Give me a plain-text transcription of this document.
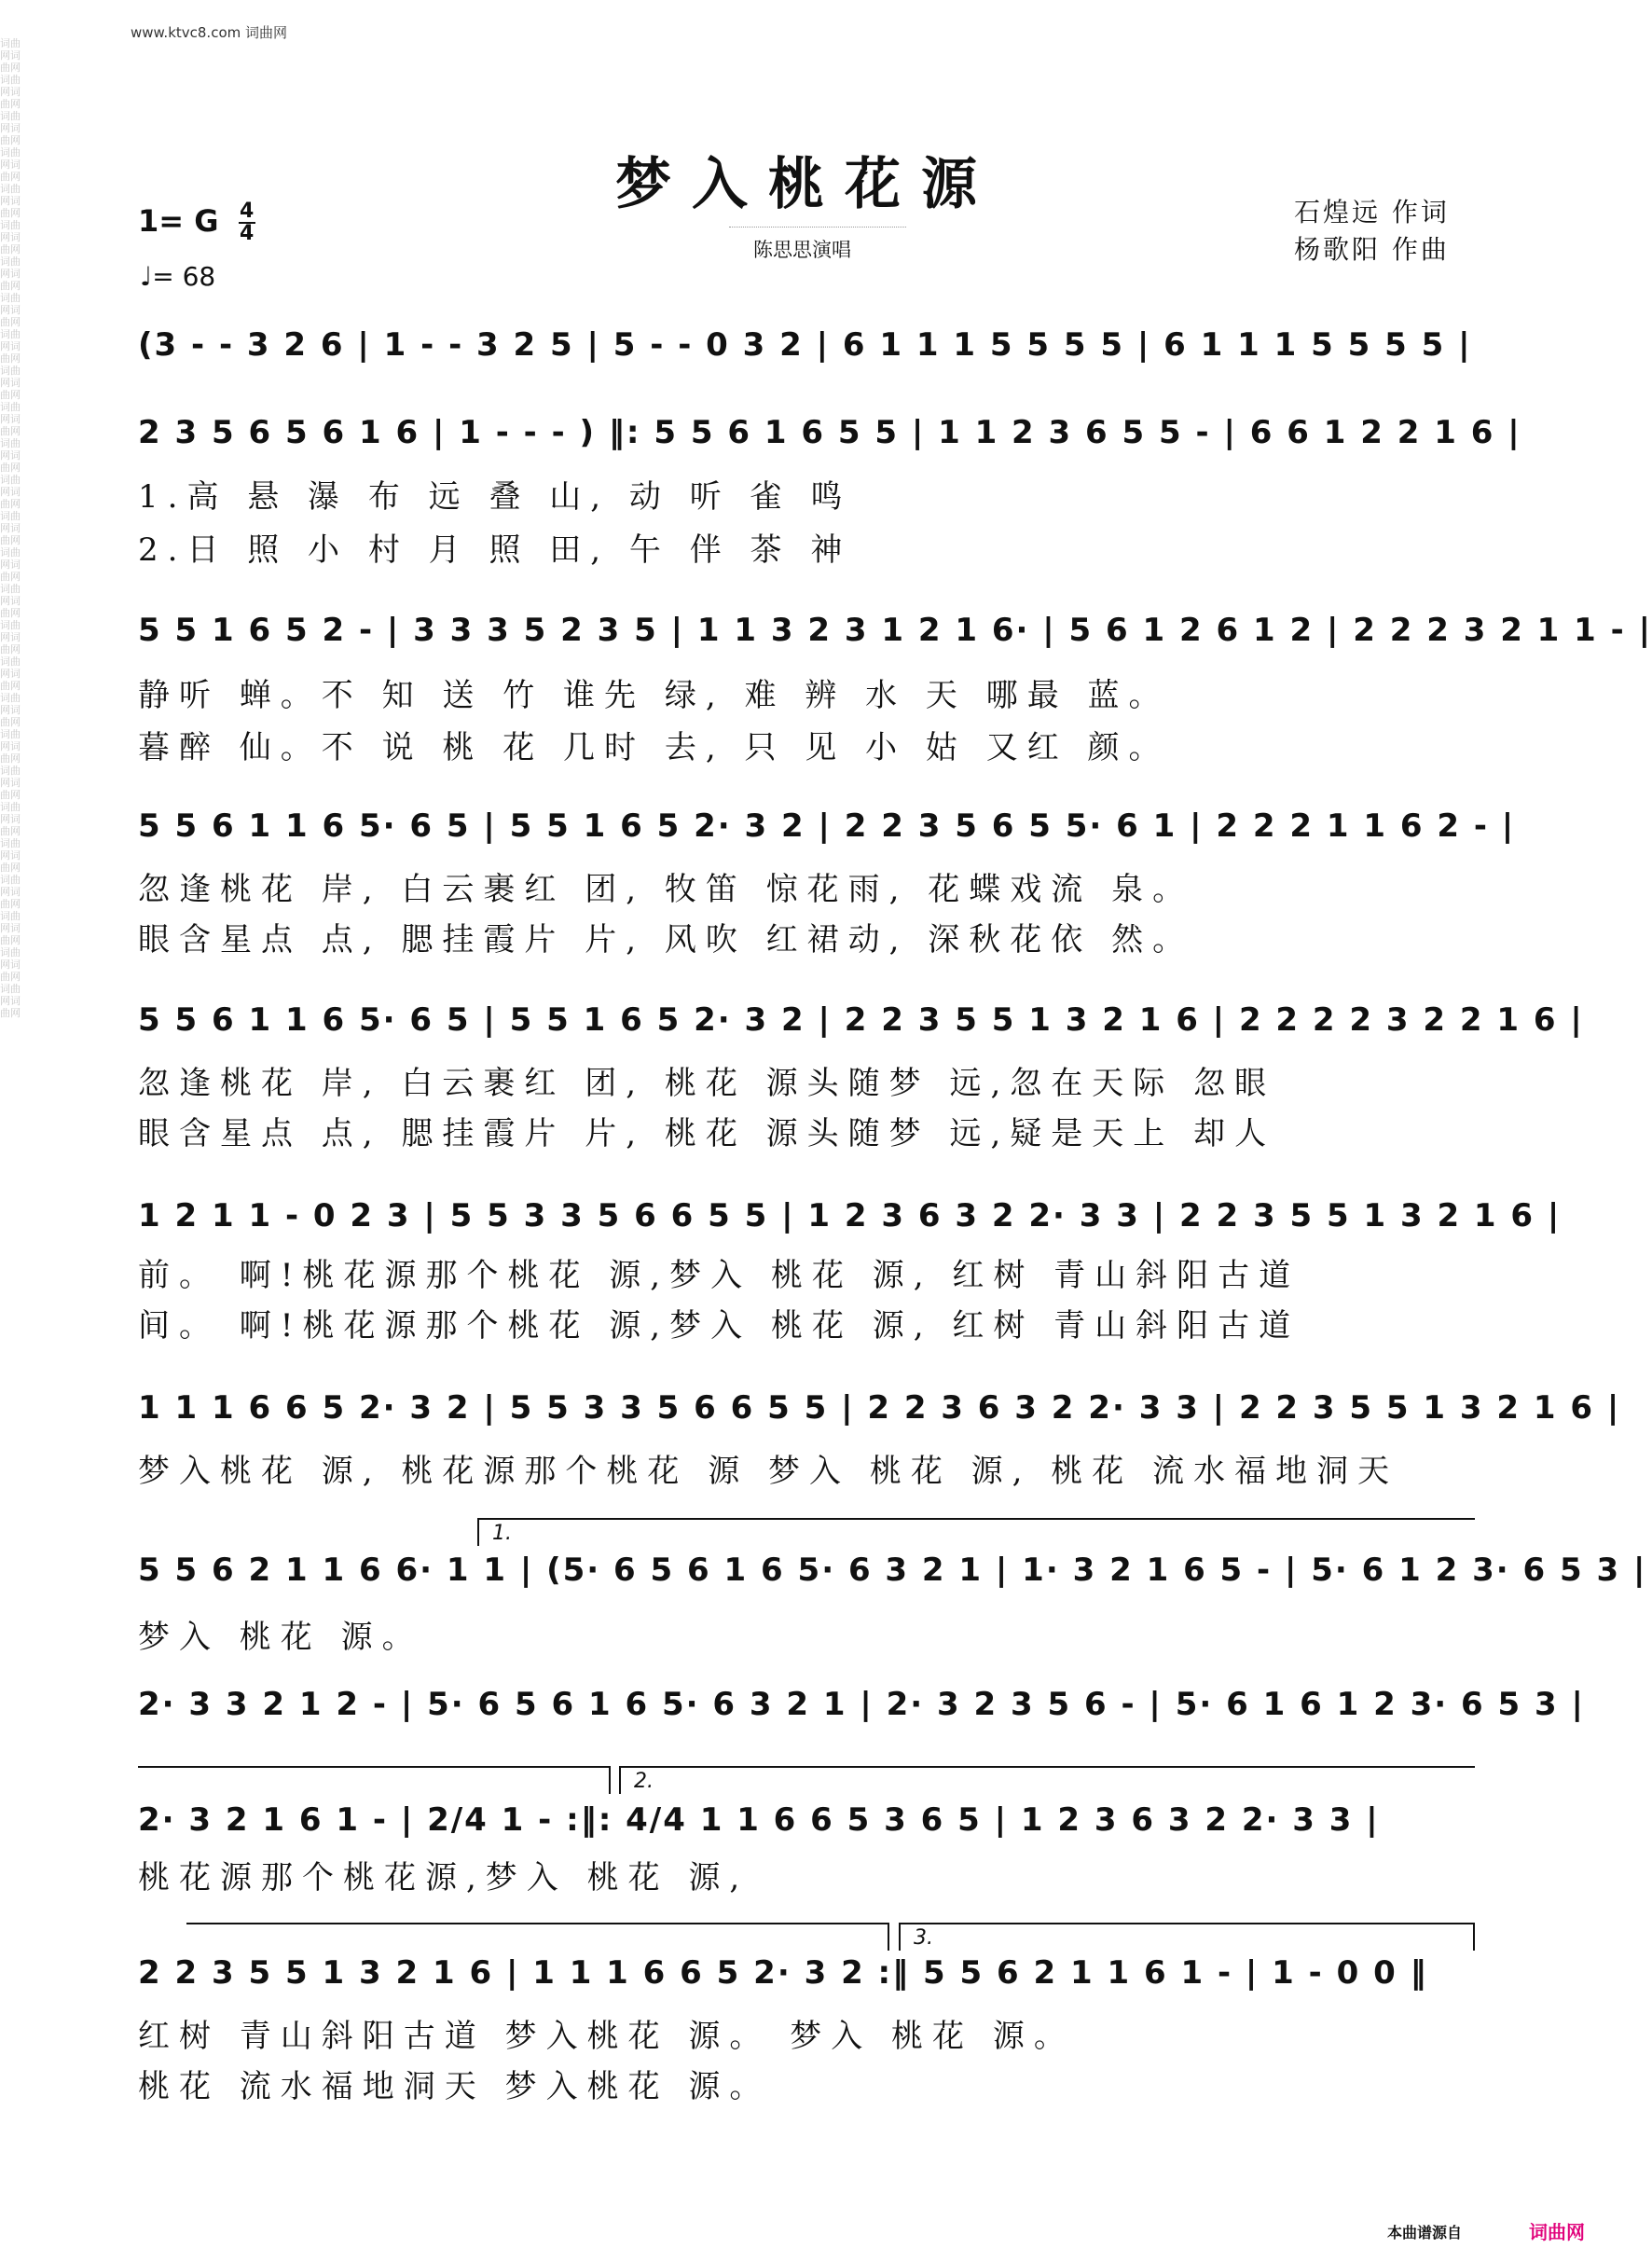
www.ktvc8.com 词曲网
词曲网词曲网词曲网词曲网词曲网词曲网词曲网词曲网词曲网词曲网词曲网词曲网词曲网词曲网词曲网词曲网词曲网词曲网词曲网词曲网词曲网词曲网词曲网词曲网词曲网词曲网词曲网词曲网词曲网词曲网词曲网词曲网词曲网词曲网词曲网词曲网词曲网词曲网词曲网词曲网词曲网词曲网词曲网词曲网词曲网词曲网词曲网词曲网词曲网词曲网词曲网词曲网词曲网词曲网
梦入桃花源
陈思思演唱
石煌远 作词
杨歌阳 作曲
1= G $\frac{4}{4}$
♩= 68
(3 - - 3 2 6 | 1 - - 3 2 5 | 5 - - 0 3 2 | 6 1 1 1 5 5 5 5 | 6 1 1 1 5 5 5 5 |
2 3 5 6 5 6 1 6 | 1 - - - ) ‖: 5 5 6 1 6 5 5 | 1 1 2 3 6 5 5 - | 6 6 1 2 2 1 6 |
1.高 悬 瀑 布 远 叠 山, 动 听 雀 鸣
2.日 照 小 村 月 照 田, 午 伴 茶 神
5 5 1 6 5 2 - | 3 3 3 5 2 3 5 | 1 1 3 2 3 1 2 1 6· | 5 6 1 2 6 1 2 | 2 2 2 3 2 1 1 - |
静听 蝉。不 知 送 竹 谁先 绿, 难 辨 水 天 哪最 蓝。
暮醉 仙。不 说 桃 花 几时 去, 只 见 小 姑 又红 颜。
5 5 6 1 1 6 5· 6 5 | 5 5 1 6 5 2· 3 2 | 2 2 3 5 6 5 5· 6 1 | 2 2 2 1 1 6 2 - |
忽逢桃花 岸, 白云裹红 团, 牧笛 惊花雨, 花蝶戏流 泉。
眼含星点 点, 腮挂霞片 片, 风吹 红裙动, 深秋花依 然。
5 5 6 1 1 6 5· 6 5 | 5 5 1 6 5 2· 3 2 | 2 2 3 5 5 1 3 2 1 6 | 2 2 2 2 3 2 2 1 6 |
忽逢桃花 岸, 白云裹红 团, 桃花 源头随梦 远,忽在天际 忽眼
眼含星点 点, 腮挂霞片 片, 桃花 源头随梦 远,疑是天上 却人
1 2 1 1 - 0 2 3 | 5 5 3 3 5 6 6 5 5 | 1 2 3 6 3 2 2· 3 3 | 2 2 3 5 5 1 3 2 1 6 |
前。 啊!桃花源那个桃花 源,梦入 桃花 源, 红树 青山斜阳古道
间。 啊!桃花源那个桃花 源,梦入 桃花 源, 红树 青山斜阳古道
1 1 1 6 6 5 2· 3 2 | 5 5 3 3 5 6 6 5 5 | 2 2 3 6 3 2 2· 3 3 | 2 2 3 5 5 1 3 2 1 6 |
梦入桃花 源, 桃花源那个桃花 源 梦入 桃花 源, 桃花 流水福地洞天
1.
5 5 6 2 1 1 6 6· 1 1 | (5· 6 5 6 1 6 5· 6 3 2 1 | 1· 3 2 1 6 5 - | 5· 6 1 2 3· 6 5 3 |
梦入 桃花 源。
2· 3 3 2 1 2 - | 5· 6 5 6 1 6 5· 6 3 2 1 | 2· 3 2 3 5 6 - | 5· 6 1 6 1 2 3· 6 5 3 |
2.
2· 3 2 1 6 1 - | 2/4 1 - :‖: 4/4 1 1 6 6 5 3 6 5 | 1 2 3 6 3 2 2· 3 3 |
桃花源那个桃花源,梦入 桃花 源,
3.
2 2 3 5 5 1 3 2 1 6 | 1 1 1 6 6 5 2· 3 2 :‖ 5 5 6 2 1 1 6 1 - | 1 - 0 0 ‖
红树 青山斜阳古道 梦入桃花 源。 梦入 桃花 源。
桃花 流水福地洞天 梦入桃花 源。
本曲谱源自	词曲网
